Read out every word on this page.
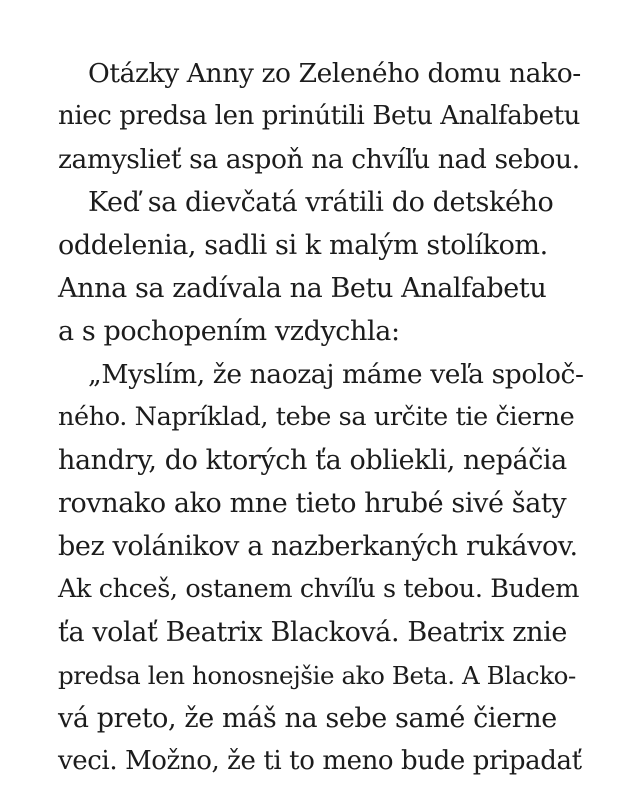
Otázky Anny zo Zeleného domu nako-
niec predsa len prinútili Betu Analfabetu
zamyslieť sa aspoň na chvíľu nad sebou.
Keď sa dievčatá vrátili do detského
oddelenia, sadli si k malým stolíkom.
Anna sa zadívala na Betu Analfabetu
a s pochopením vzdychla:
„Myslím, že naozaj máme veľa spoloč-
ného. Napríklad, tebe sa určite tie čierne
handry, do ktorých ťa obliekli, nepáčia
rovnako ako mne tieto hrubé sivé šaty
bez volánikov a nazberkaných rukávov.
Ak chceš, ostanem chvíľu s tebou. Budem
ťa volať Beatrix Blacková. Beatrix znie
predsa len honosnejšie ako Beta. A Blacko-
vá preto, že máš na sebe samé čierne
veci. Možno, že ti to meno bude pripadať
